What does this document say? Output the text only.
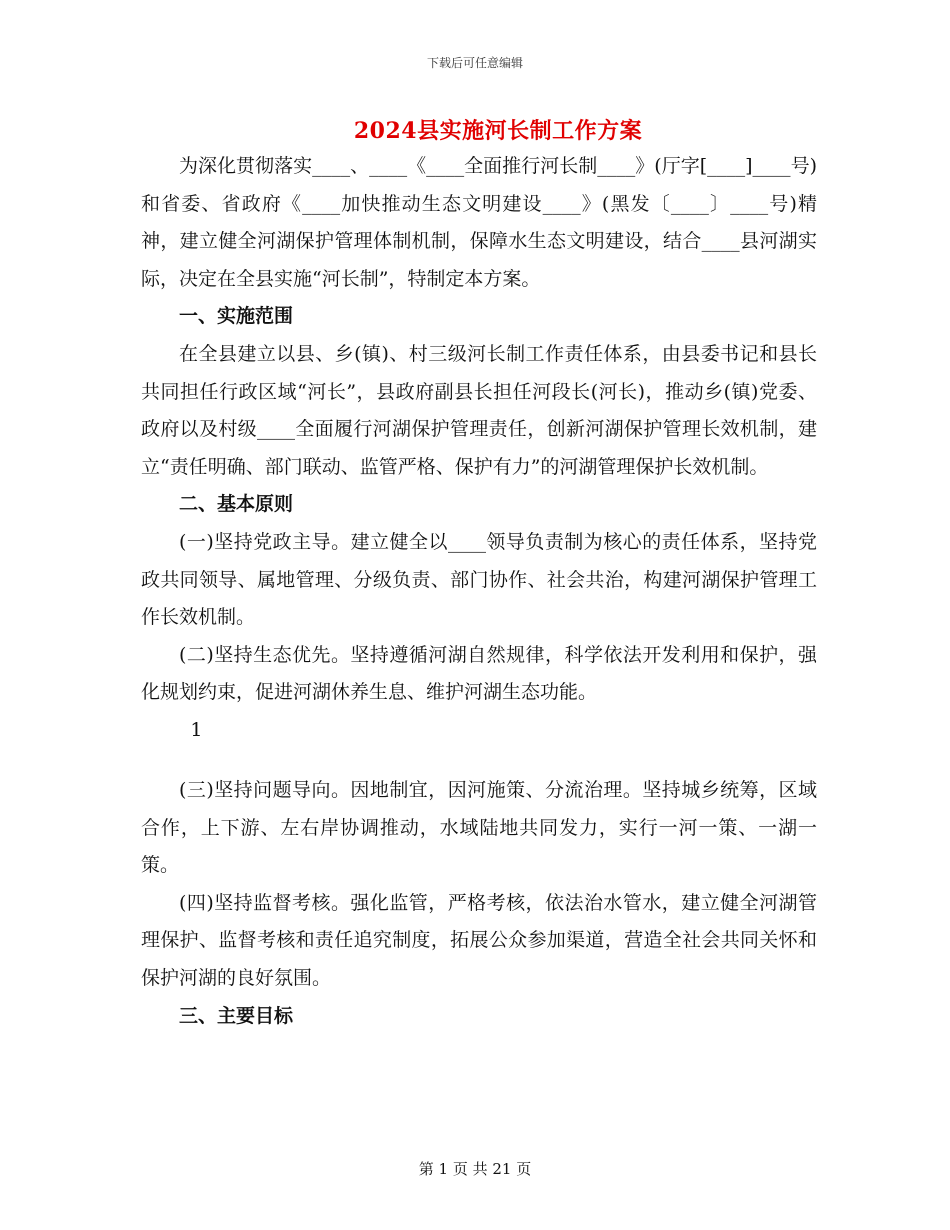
下载后可任意编辑
2024县实施河长制工作方案

为深化贯彻落实____、____《____全面推行河长制____》(厅字[____]____号)和省委、省政府《____加快推动生态文明建设____》(黑发〔____〕____号)精神，建立健全河湖保护管理体制机制，保障水生态文明建设，结合____县河湖实际，决定在全县实施“河长制”，特制定本方案。

一、实施范围

在全县建立以县、乡(镇)、村三级河长制工作责任体系，由县委书记和县长共同担任行政区域“河长”，县政府副县长担任河段长(河长)，推动乡(镇)党委、政府以及村级____全面履行河湖保护管理责任，创新河湖保护管理长效机制，建立“责任明确、部门联动、监管严格、保护有力”的河湖管理保护长效机制。

二、基本原则

(一)坚持党政主导。建立健全以____领导负责制为核心的责任体系，坚持党政共同领导、属地管理、分级负责、部门协作、社会共治，构建河湖保护管理工作长效机制。

(二)坚持生态优先。坚持遵循河湖自然规律，科学依法开发利用和保护，强化规划约束，促进河湖休养生息、维护河湖生态功能。

1

(三)坚持问题导向。因地制宜，因河施策、分流治理。坚持城乡统筹，区域合作，上下游、左右岸协调推动，水域陆地共同发力，实行一河一策、一湖一策。

(四)坚持监督考核。强化监管，严格考核，依法治水管水，建立健全河湖管理保护、监督考核和责任追究制度，拓展公众参加渠道，营造全社会共同关怀和保护河湖的良好氛围。

三、主要目标

第 1 页 共 21 页
